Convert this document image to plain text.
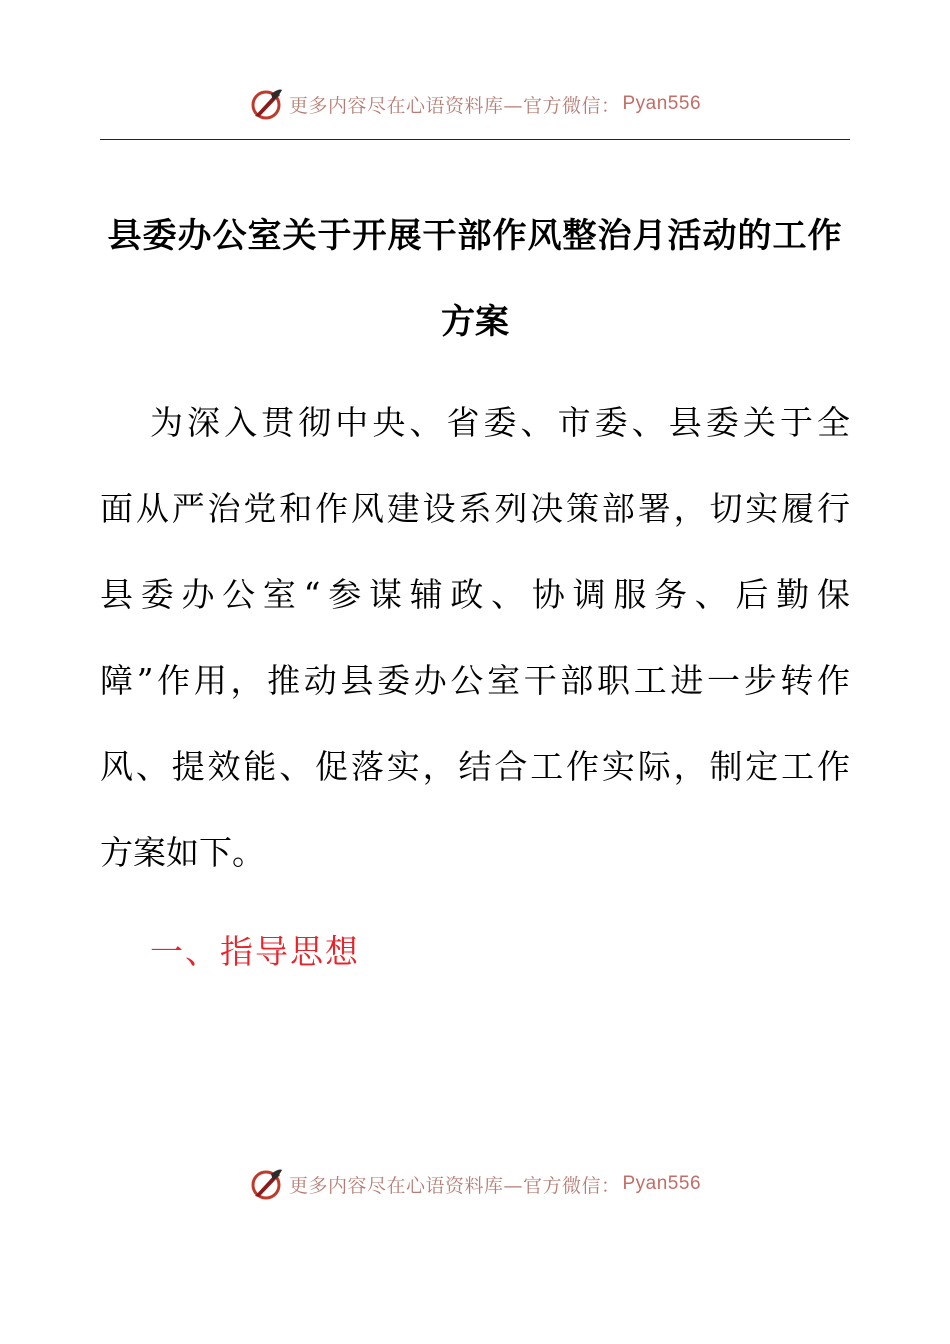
更多内容尽在心语资料库—官方微信： Pyan556
县委办公室关于开展干部作风整治月活动的工作
方案
为深入贯彻中央、省委、市委、县委关于全
面从严治党和作风建设系列决策部署，切实履行
县委办公室“参谋辅政、协调服务、后勤保
障”作用，推动县委办公室干部职工进一步转作
风、提效能、促落实，结合工作实际，制定工作
方案如下。
一、指导思想
更多内容尽在心语资料库—官方微信： Pyan556
